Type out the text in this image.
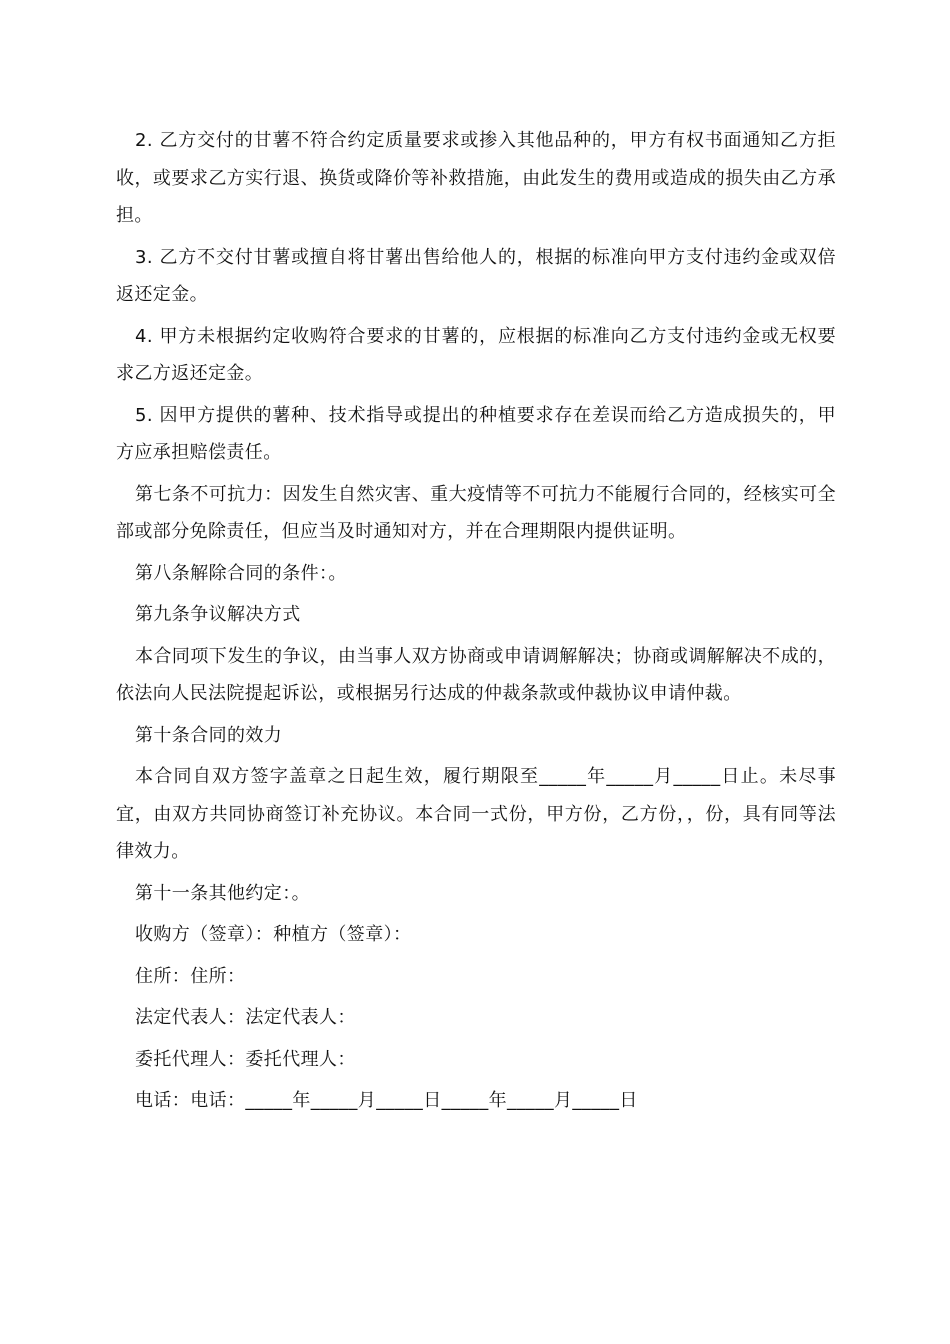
2. 乙方交付的甘薯不符合约定质量要求或掺入其他品种的，甲方有权书面通知乙方拒收，或要求乙方实行退、换货或降价等补救措施，由此发生的费用或造成的损失由乙方承担。

3. 乙方不交付甘薯或擅自将甘薯出售给他人的，根据的标准向甲方支付违约金或双倍返还定金。

4. 甲方未根据约定收购符合要求的甘薯的，应根据的标准向乙方支付违约金或无权要求乙方返还定金。

5. 因甲方提供的薯种、技术指导或提出的种植要求存在差误而给乙方造成损失的，甲方应承担赔偿责任。

第七条不可抗力：因发生自然灾害、重大疫情等不可抗力不能履行合同的，经核实可全部或部分免除责任，但应当及时通知对方，并在合理期限内提供证明。

第八条解除合同的条件：。

第九条争议解决方式

本合同项下发生的争议，由当事人双方协商或申请调解解决；协商或调解解决不成的，依法向人民法院提起诉讼，或根据另行达成的仲裁条款或仲裁协议申请仲裁。

第十条合同的效力

本合同自双方签字盖章之日起生效，履行期限至_____年_____月_____日止。未尽事宜，由双方共同协商签订补充协议。本合同一式份，甲方份，乙方份，，份，具有同等法律效力。

第十一条其他约定：。

收购方（签章）：种植方（签章）：

住所：住所：

法定代表人：法定代表人：

委托代理人：委托代理人：

电话：电话：_____年_____月_____日_____年_____月_____日
